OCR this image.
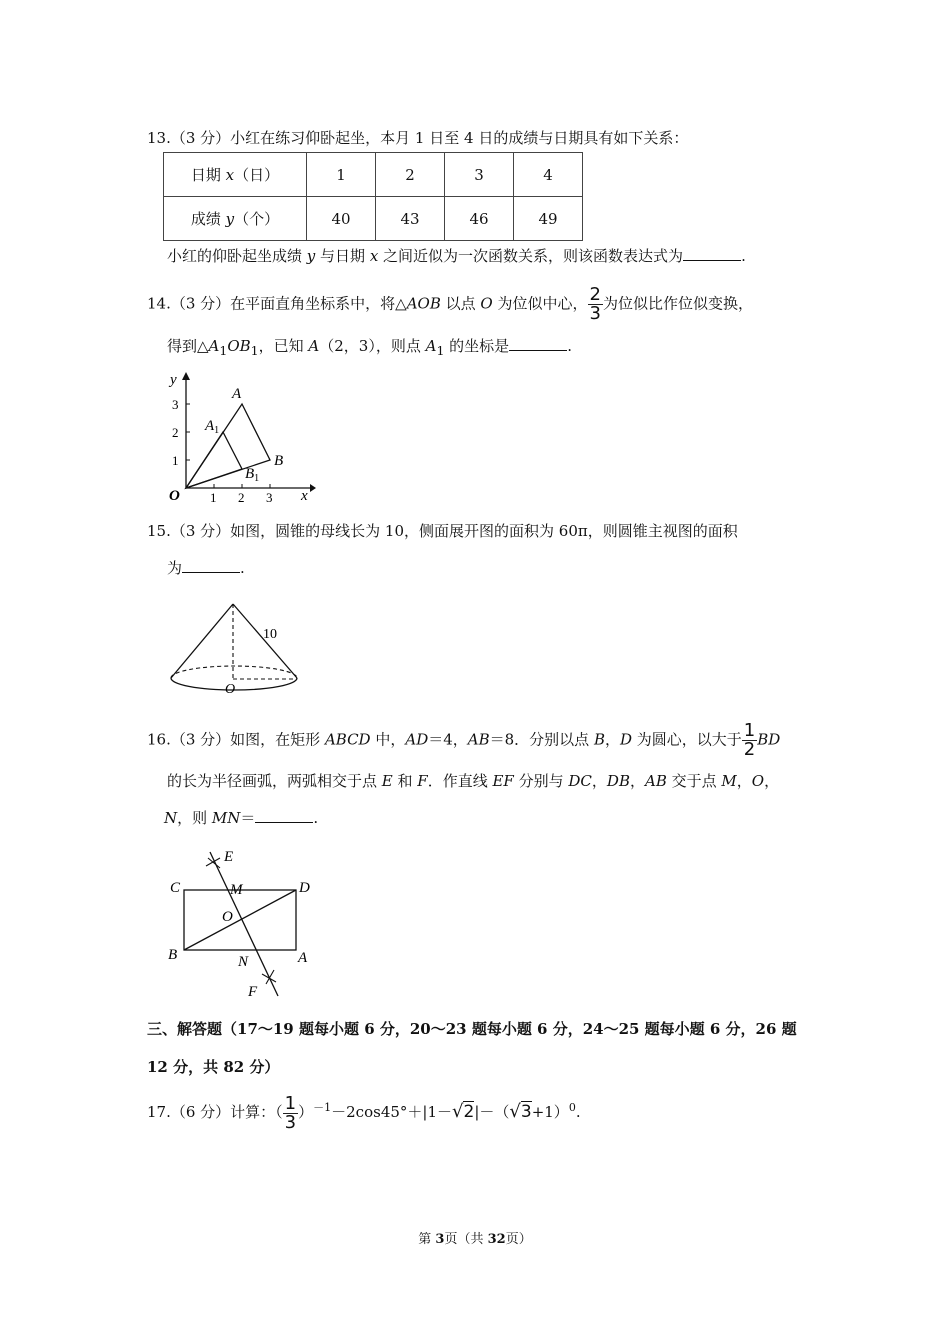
13.（3 分）小红在练习仰卧起坐，本月 1 日至 4 日的成绩与日期具有如下关系：
日期 x（日）	1	2	3	4
成绩 y（个）	40	43	46	49
小红的仰卧起坐成绩 y 与日期 x 之间近似为一次函数关系，则该函数表达式为	.
14.（3 分）在平面直角坐标系中，将△AOB 以点 O 为位似中心， $\frac{2}{3}$ 为位似比作位似变换，
得到$\triangle A_1OB_1$，已知 A（2，3），则点 $A_1$ 的坐标是	.
y
x
O 1 2 3
1
2
3
A
B
$A_1$
$B_1$
15.（3 分）如图，圆锥的母线长为 10，侧面展开图的面积为 60π，则圆锥主视图的面积
为	.
10
O
16.（3 分）如图，在矩形 ABCD 中，AD＝4，AB＝8．分别以点 B，D 为圆心，以大于 $\frac{1}{2}$ BD
的长为半径画弧，两弧相交于点 E 和 F．作直线 EF 分别与 DC，DB，AB 交于点 M，O，
N，则 MN＝	.
C	M	D
E
O
B	N	A
F
三、解答题（17～19 题每小题 6 分，20～23 题每小题 6 分，24～25 题每小题 6 分，26 题
12 分，共 82 分）
17.（6 分）计算：（ $\frac{1}{3} )^{-1}-2\cos 45^\circ+|1-√2|-(√3+1)^0$.
第 3页（共 32页）
